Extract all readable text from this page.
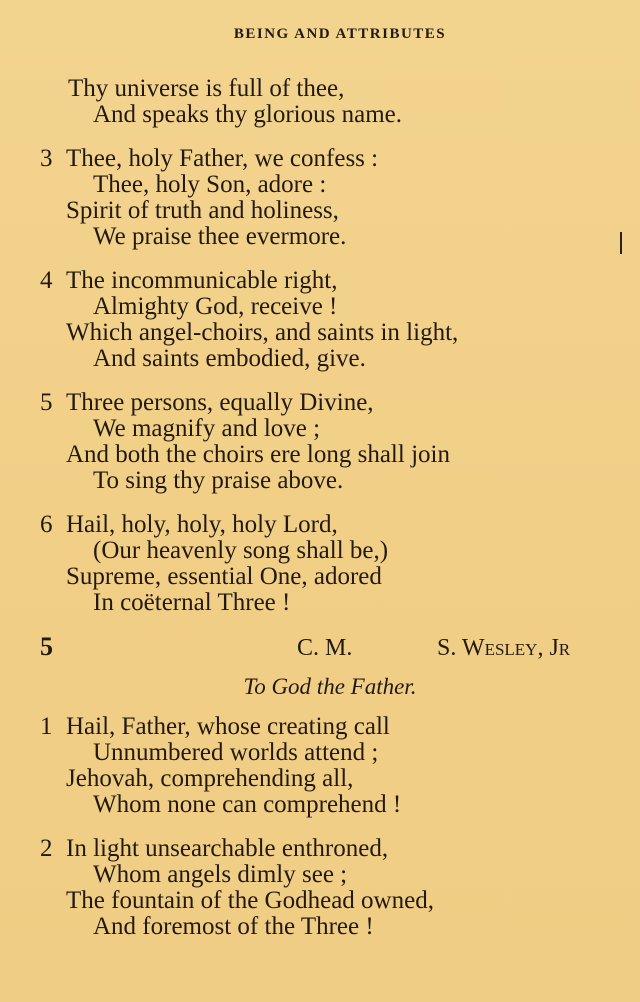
BEING AND ATTRIBUTES
Thy universe is full of thee,
And speaks thy glorious name.
3 Thee, holy Father, we confess :
Thee, holy Son, adore :
Spirit of truth and holiness,
We praise thee evermore.
4 The incommunicable right,
Almighty God, receive !
Which angel-choirs, and saints in light,
And saints embodied, give.
5 Three persons, equally Divine,
We magnify and love ;
And both the choirs ere long shall join
To sing thy praise above.
6 Hail, holy, holy, holy Lord,
(Our heavenly song shall be,)
Supreme, essential One, adored
In coëternal Three !
5	C. M.	S. Wesley, Jr
To God the Father.
1 Hail, Father, whose creating call
Unnumbered worlds attend ;
Jehovah, comprehending all,
Whom none can comprehend !
2 In light unsearchable enthroned,
Whom angels dimly see ;
The fountain of the Godhead owned,
And foremost of the Three !
